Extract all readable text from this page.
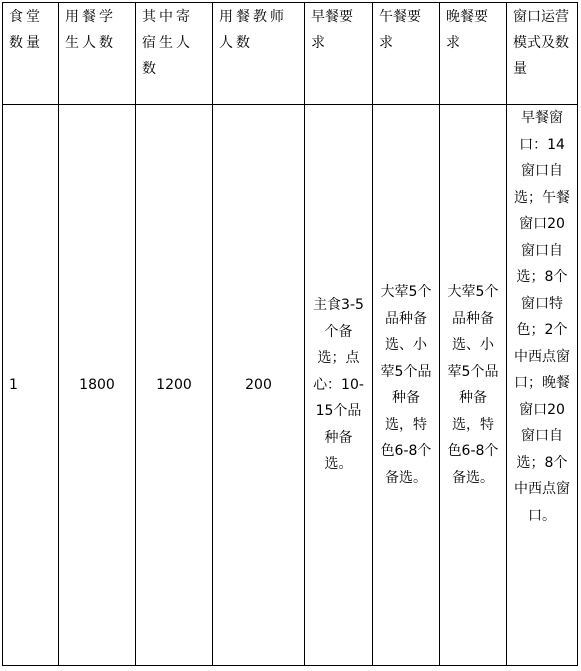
食堂数量	用餐学生人数	其中寄宿生人数	用餐教师人数	早餐要求	午餐要求	晚餐要求	窗口运营模式及数量
1	1800	1200	200	主食3-5个备选；点心：10-15个品种备选。	大荤5个品种备选、小荤5个品种备选，特色6-8个备选。	大荤5个品种备选、小荤5个品种备选，特色6-8个备选。	早餐窗口：14窗口自选；午餐窗口20窗口自选；8个窗口特色；2个中西点窗口；晚餐窗口20窗口自选；8个中西点窗口。
